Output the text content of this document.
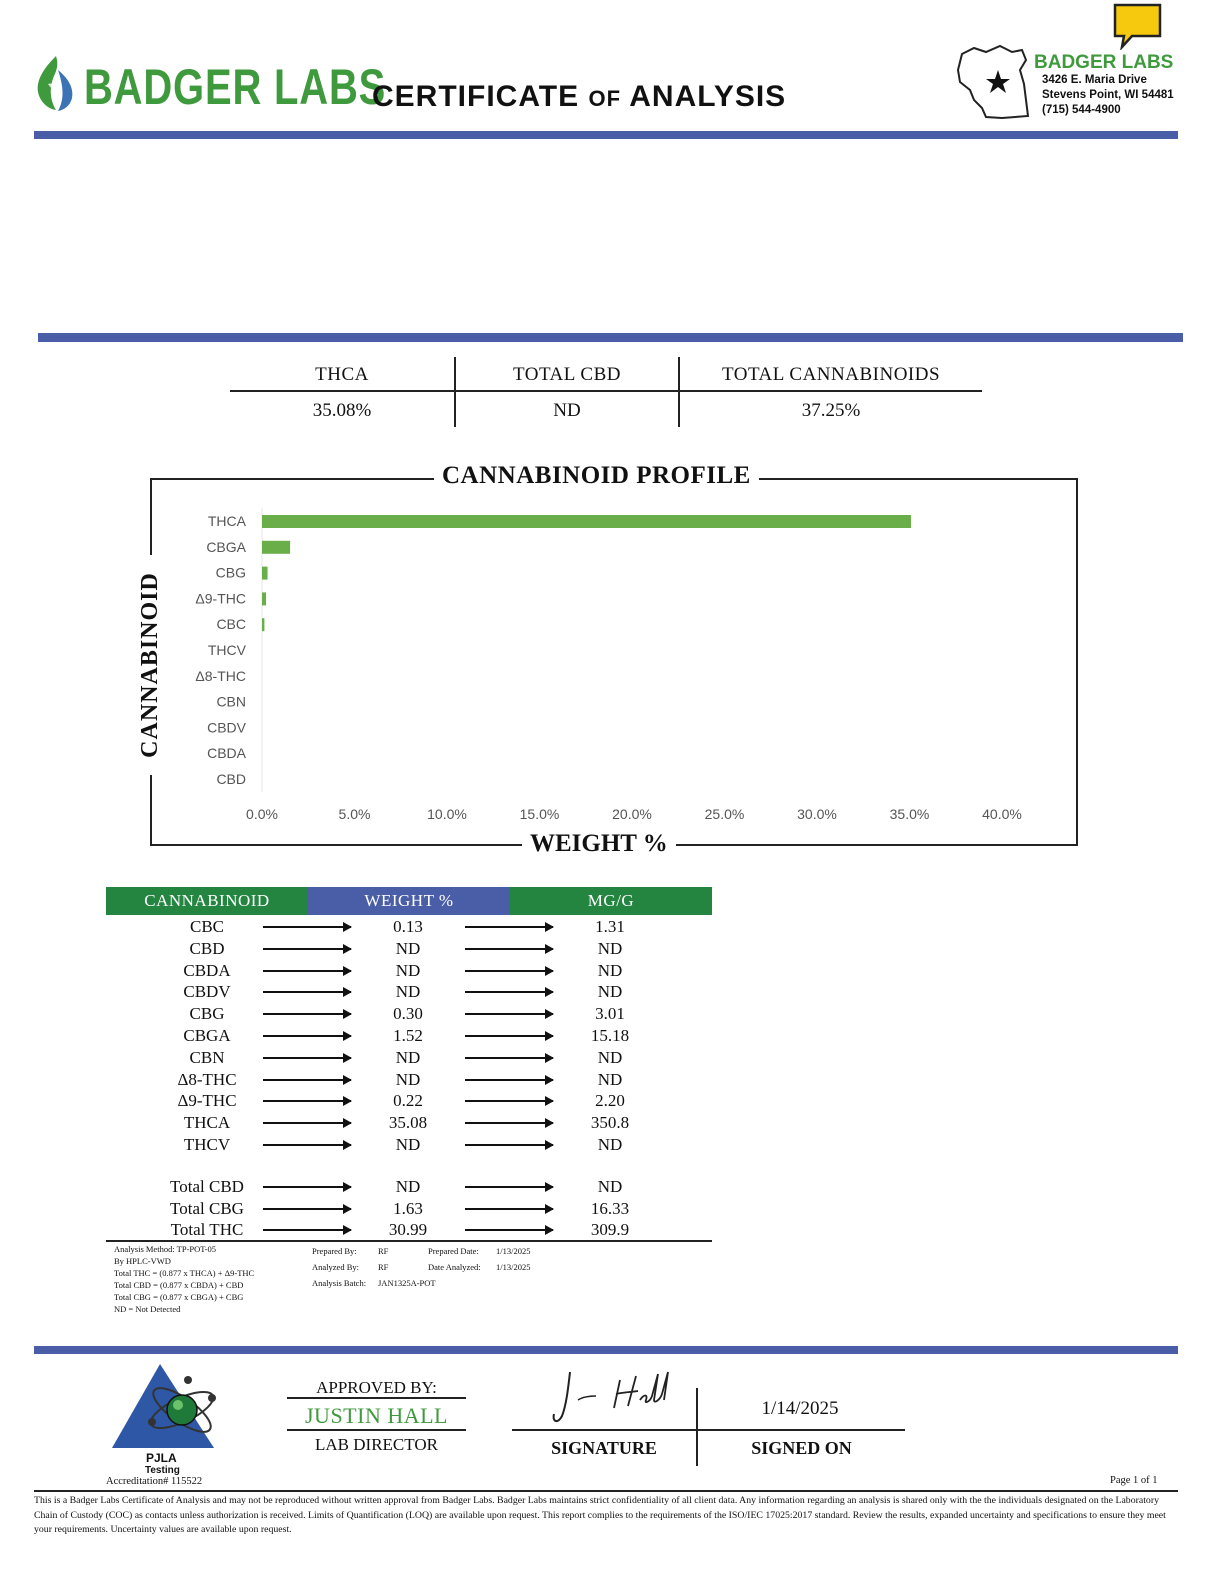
BADGER LABS
CERTIFICATE OF ANALYSIS
BADGER LABS
3426 E. Maria Drive
Stevens Point, WI 54481
(715) 544-4900
THCA	TOTAL CBD	TOTAL CANNABINOIDS
35.08%	ND	37.25%
THCA
CBGA
CBG
Δ9-THC
CBC
THCV
Δ8-THC
CBN
CBDV
CBDA
CBD
0.0%	5.0%	10.0%	15.0%	20.0%	25.0%	30.0%	35.0%	40.0%
CANNABINOID PROFILE
WEIGHT %
CANNABINOID
CANNABINOID	WEIGHT %	MG/G
CBC	0.13	1.31
CBD	ND	ND
CBDA	ND	ND
CBDV	ND	ND
CBG	0.30	3.01
CBGA	1.52	15.18
CBN	ND	ND
Δ8-THC	ND	ND
Δ9-THC	0.22	2.20
THCA	35.08	350.8
THCV	ND	ND
Total CBD	ND	ND
Total CBG	1.63	16.33
Total THC	30.99	309.9
Analysis Method: TP-POT-05
By HPLC-VWD
Total THC = (0.877 x THCA) + Δ9-THC
Total CBD = (0.877 x CBDA) + CBD
Total CBG = (0.877 x CBGA) + CBG
ND = Not Detected
Prepared By:	RF
Analyzed By: RF
Analysis Batch: JAN1325A-POT
Prepared Date: 1/13/2025
Date Analyzed: 1/13/2025
PJLA
Testing
Accreditation# 115522
APPROVED BY:
JUSTIN HALL
LAB DIRECTOR
1/14/2025
SIGNATURE	SIGNED ON
Page 1 of 1
This is a Badger Labs Certificate of Analysis and may not be reproduced without written approval from Badger Labs. Badger Labs maintains strict confidentiality of all client data. Any information regarding an analysis is shared only with the the individuals designated on the Laboratory Chain of Custody (COC) as contacts unless authorization is received. Limits of Quantification (LOQ) are available upon request. This report complies to the requirements of the ISO/IEC 17025:2017 standard. Review the results, expanded uncertainty and specifications to ensure they meet your requirements. Uncertainty values are available upon request.
